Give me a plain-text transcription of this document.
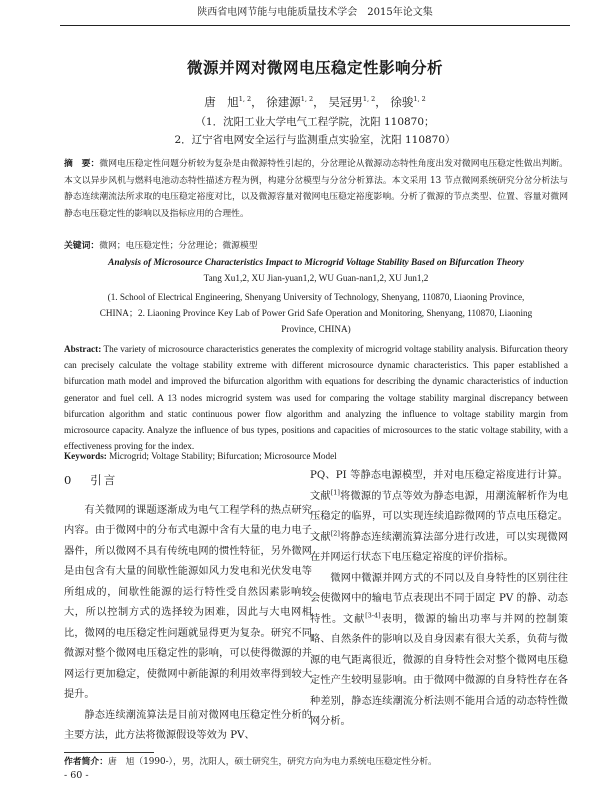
陕西省电网节能与电能质量技术学会　2015年论文集
微源并网对微网电压稳定性影响分析
唐　旭$^{1, 2}$， 徐建源$^{1, 2}$， 吴冠男$^{1, 2}$， 徐骏$^{1, 2}$
（1．沈阳工业大学电气工程学院，沈阳 110870；
2．辽宁省电网安全运行与监测重点实验室，沈阳 110870）
摘　要：微网电压稳定性问题分析较为复杂是由微源特性引起的，分岔理论从微源动态特性角度出发对微网电压稳定性做出判断。本文以异步风机与燃料电池动态特性描述方程为例，构建分岔模型与分岔分析算法。本文采用 13 节点微网系统研究分岔分析法与静态连续潮流法所求取的电压稳定裕度对比，以及微源容量对微网电压稳定裕度影响。分析了微源的节点类型、位置、容量对微网静态电压稳定性的影响以及指标应用的合理性。
关键词：微网；电压稳定性；分岔理论；微源模型
Analysis of Microsource Characteristics Impact to Microgrid Voltage Stability Based on Bifurcation Theory
Tang Xu1,2, XU Jian-yuan1,2, WU Guan-nan1,2, XU Jun1,2
(1. School of Electrical Engineering, Shenyang University of Technology, Shenyang, 110870, Liaoning Province,
CHINA；2. Liaoning Province Key Lab of Power Grid Safe Operation and Monitoring, Shenyang, 110870, Liaoning
Province, CHINA)
Abstract: The variety of microsource characteristics generates the complexity of microgrid voltage stability analysis. Bifurcation theory can precisely calculate the voltage stability extreme with different microsource dynamic characteristics. This paper established a bifurcation math model and improved the bifurcation algorithm with equations for describing the dynamic characteristics of induction generator and fuel cell. A 13 nodes microgrid system was used for comparing the voltage stability marginal discrepancy between bifurcation algorithm and static continuous power flow algorithm and analyzing the influence to voltage stability margin from microsource capacity. Analyze the influence of bus types, positions and capacities of microsources to the static voltage stability, with a effectiveness proving for the index.
Keywords: Microgrid; Voltage Stability; Bifurcation; Microsource Model
0 引言

有关微网的课题逐渐成为电气工程学科的热点研究内容。由于微网中的分布式电源中含有大量的电力电子器件，所以微网不具有传统电网的惯性特征，另外微网是由包含有大量的间歇性能源如风力发电和光伏发电等所组成的，间歇性能源的运行特性受自然因素影响较大，所以控制方式的选择较为困难，因此与大电网相比，微网的电压稳定性问题就显得更为复杂。研究不同微源对整个微网电压稳定性的影响，可以使得微源的并网运行更加稳定，使微网中新能源的利用效率得到较大提升。

静态连续潮流算法是目前对微网电压稳定性分析的主要方法，此方法将微源假设等效为 PV、

PQ、PI 等静态电源模型，并对电压稳定裕度进行计算。文献[1]将微源的节点等效为静态电源，用潮流解析作为电压稳定的临界，可以实现连续追踪微网的节点电压稳定。文献[2]将静态连续潮流算法部分进行改进，可以实现微网在并网运行状态下电压稳定裕度的评价指标。

微网中微源并网方式的不同以及自身特性的区别往往会使微网中的输电节点表现出不同于固定 PV 的静、动态特性。文献[3-4]表明，微源的输出功率与并网的控制策略、自然条件的影响以及自身因素有很大关系，负荷与微源的电气距离很近，微源的自身特性会对整个微网电压稳定性产生较明显影响。由于微网中微源的自身特性存在各种差别，静态连续潮流分析法则不能用合适的动态特性微网分析。

作者简介：唐　旭（1990-），男，沈阳人，硕士研究生，研究方向为电力系统电压稳定性分析。
- 60 -
